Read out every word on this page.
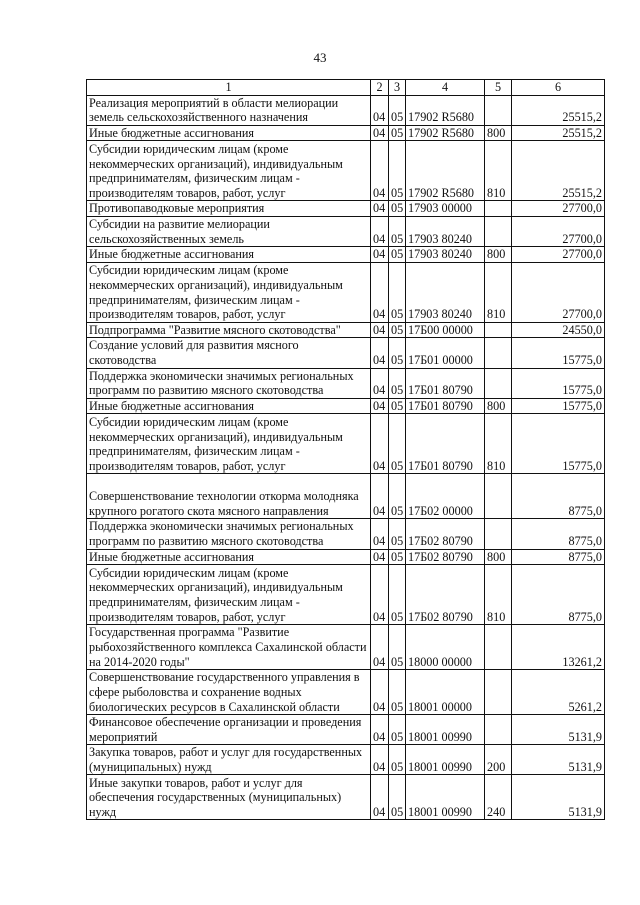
43
1	2	3	4	5	6
Реализация мероприятий в области мелиорации земель сельскохозяйственного назначения	04	05	17902 R5680		25515,2
Иные бюджетные ассигнования	04	05	17902 R5680	800	25515,2
Субсидии юридическим лицам (кроме некоммерческих организаций), индивидуальным предпринимателям, физическим лицам - производителям товаров, работ, услуг	04	05	17902 R5680	810	25515,2
Противопаводковые мероприятия	04	05	17903 00000		27700,0
Субсидии на развитие мелиорации сельскохозяйственных земель	04	05	17903 80240		27700,0
Иные бюджетные ассигнования	04	05	17903 80240	800	27700,0
Субсидии юридическим лицам (кроме некоммерческих организаций), индивидуальным предпринимателям, физическим лицам - производителям товаров, работ, услуг	04	05	17903 80240	810	27700,0
Подпрограмма "Развитие мясного скотоводства"	04	05	17Б00 00000		24550,0
Создание условий для развития мясного скотоводства	04	05	17Б01 00000		15775,0
Поддержка экономически значимых региональных программ по развитию мясного скотоводства	04	05	17Б01 80790		15775,0
Иные бюджетные ассигнования	04	05	17Б01 80790	800	15775,0
Субсидии юридическим лицам (кроме некоммерческих организаций), индивидуальным предпринимателям, физическим лицам - производителям товаров, работ, услуг	04	05	17Б01 80790	810	15775,0
Совершенствование технологии откорма молодняка крупного рогатого скота мясного направления	04	05	17Б02 00000		8775,0
Поддержка экономически значимых региональных программ по развитию мясного скотоводства	04	05	17Б02 80790		8775,0
Иные бюджетные ассигнования	04	05	17Б02 80790	800	8775,0
Субсидии юридическим лицам (кроме некоммерческих организаций), индивидуальным предпринимателям, физическим лицам - производителям товаров, работ, услуг	04	05	17Б02 80790	810	8775,0
Государственная программа "Развитие рыбохозяйственного комплекса Сахалинской области на 2014-2020 годы"	04	05	18000 00000		13261,2
Совершенствование государственного управления в сфере рыболовства и сохранение водных биологических ресурсов в Сахалинской области	04	05	18001 00000		5261,2
Финансовое обеспечение организации и проведения мероприятий	04	05	18001 00990		5131,9
Закупка товаров, работ и услуг для государственных (муниципальных) нужд	04	05	18001 00990	200	5131,9
Иные закупки товаров, работ и услуг для обеспечения государственных (муниципальных) нужд	04	05	18001 00990	240	5131,9
